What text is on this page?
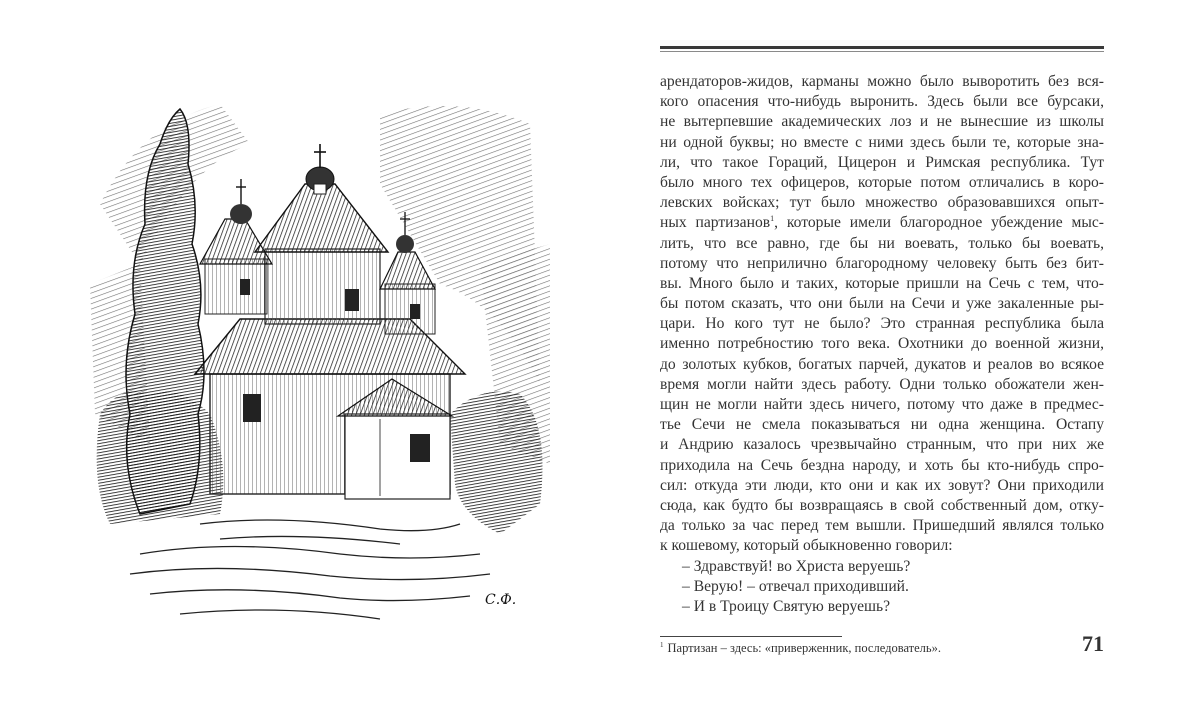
С.Ф.
арендаторов-жидов, карманы можно было выворотить без вся-
кого опасения что-нибудь выронить. Здесь были все бурсаки,
не вытерпевшие академических лоз и не вынесшие из школы
ни одной буквы; но вместе с ними здесь были те, которые зна-
ли, что такое Гораций, Цицерон и Римская республика. Тут
было много тех офицеров, которые потом отличались в коро-
левских войсках; тут было множество образовавшихся опыт-
ных партизанов$^1$, которые имели благородное убеждение мыс-
лить, что все равно, где бы ни воевать, только бы воевать,
потому что неприлично благородному человеку быть без бит-
вы. Много было и таких, которые пришли на Сечь с тем, что-
бы потом сказать, что они были на Сечи и уже закаленные ры-
цари. Но кого тут не было? Это странная республика была
именно потребностию того века. Охотники до военной жизни,
до золотых кубков, богатых парчей, дукатов и реалов во всякое
время могли найти здесь работу. Одни только обожатели жен-
щин не могли найти здесь ничего, потому что даже в предмес-
тье Сечи не смела показываться ни одна женщина. Остапу
и Андрию казалось чрезвычайно странным, что при них же
приходила на Сечь бездна народу, и хоть бы кто-нибудь спро-
сил: откуда эти люди, кто они и как их зовут? Они приходили
сюда, как будто бы возвращаясь в свой собственный дом, отку-
да только за час перед тем вышли. Пришедший являлся только
к кошевому, который обыкновенно говорил:
– Здравствуй! во Христа веруешь?
– Верую! – отвечал приходивший.
– И в Троицу Святую веруешь?
$^1$ Партизан – здесь: «приверженник, последователь».	71
